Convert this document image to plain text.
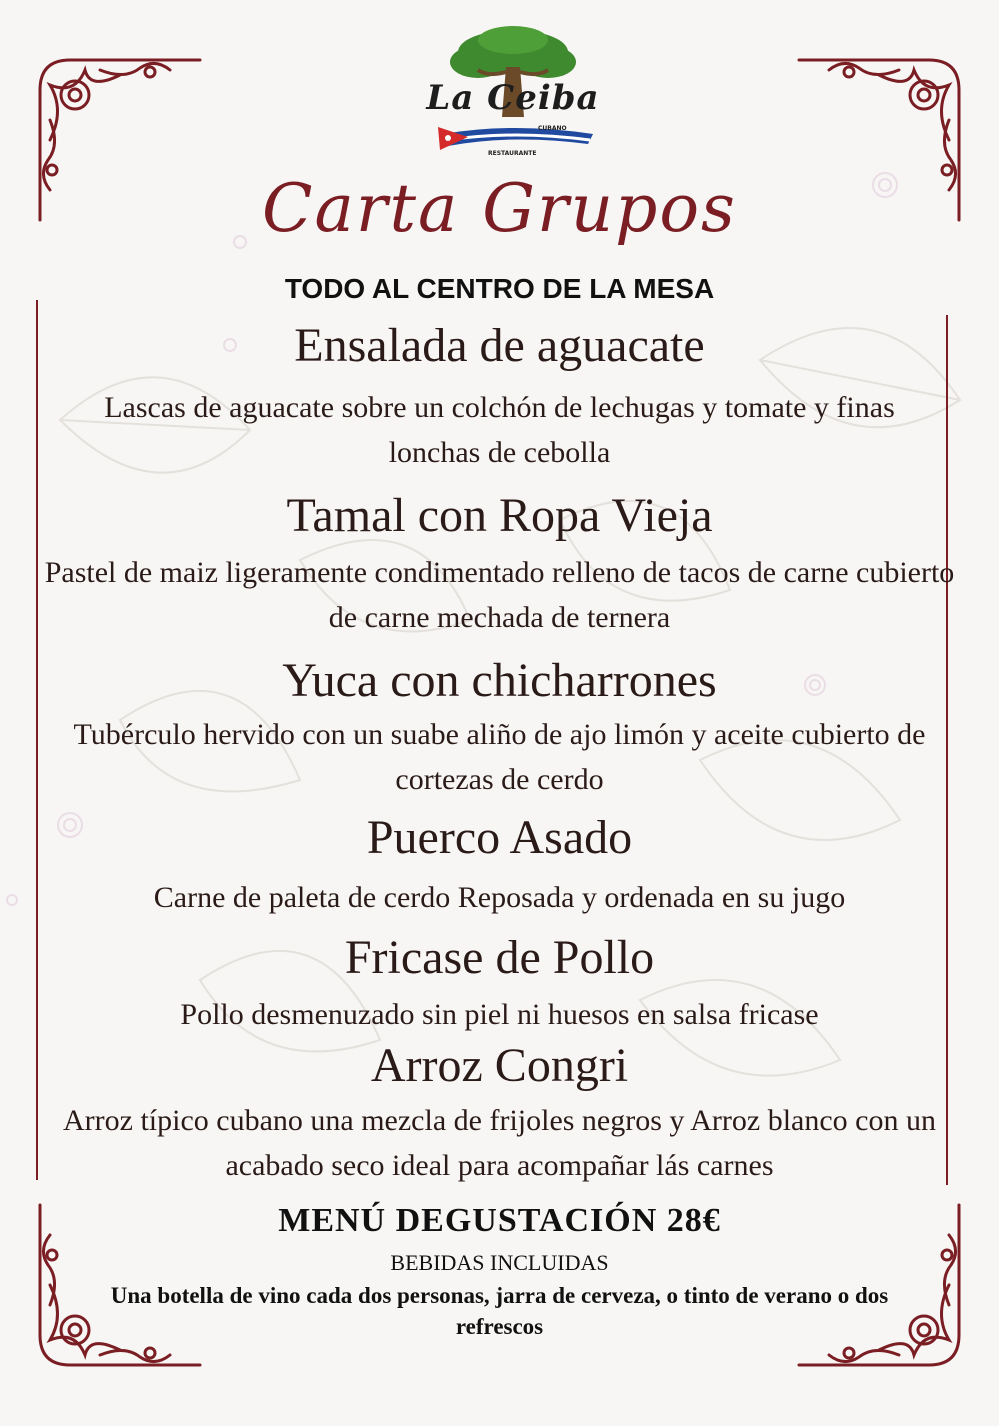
RESTAURANTE
CUBANO
La Ceiba
Carta Grupos
TODO AL CENTRO DE LA MESA
Ensalada de aguacate
Lascas de aguacate sobre un colchón de lechugas y tomate y finas lonchas de cebolla
Tamal con Ropa Vieja
Pastel de maiz ligeramente condimentado relleno de tacos de carne cubierto de carne mechada de ternera
Yuca con chicharrones
Tubérculo hervido con un suabe aliño de ajo limón y aceite cubierto de cortezas de cerdo
Puerco Asado
Carne de paleta de cerdo Reposada y ordenada en su jugo
Fricase de Pollo
Pollo desmenuzado sin piel ni huesos en salsa fricase
Arroz Congri
Arroz típico cubano una mezcla de frijoles negros y Arroz blanco con un acabado seco ideal para acompañar lás carnes
MENÚ DEGUSTACIÓN 28€
BEBIDAS INCLUIDAS
Una botella de vino cada dos personas, jarra de cerveza, o tinto de verano o dos refrescos
